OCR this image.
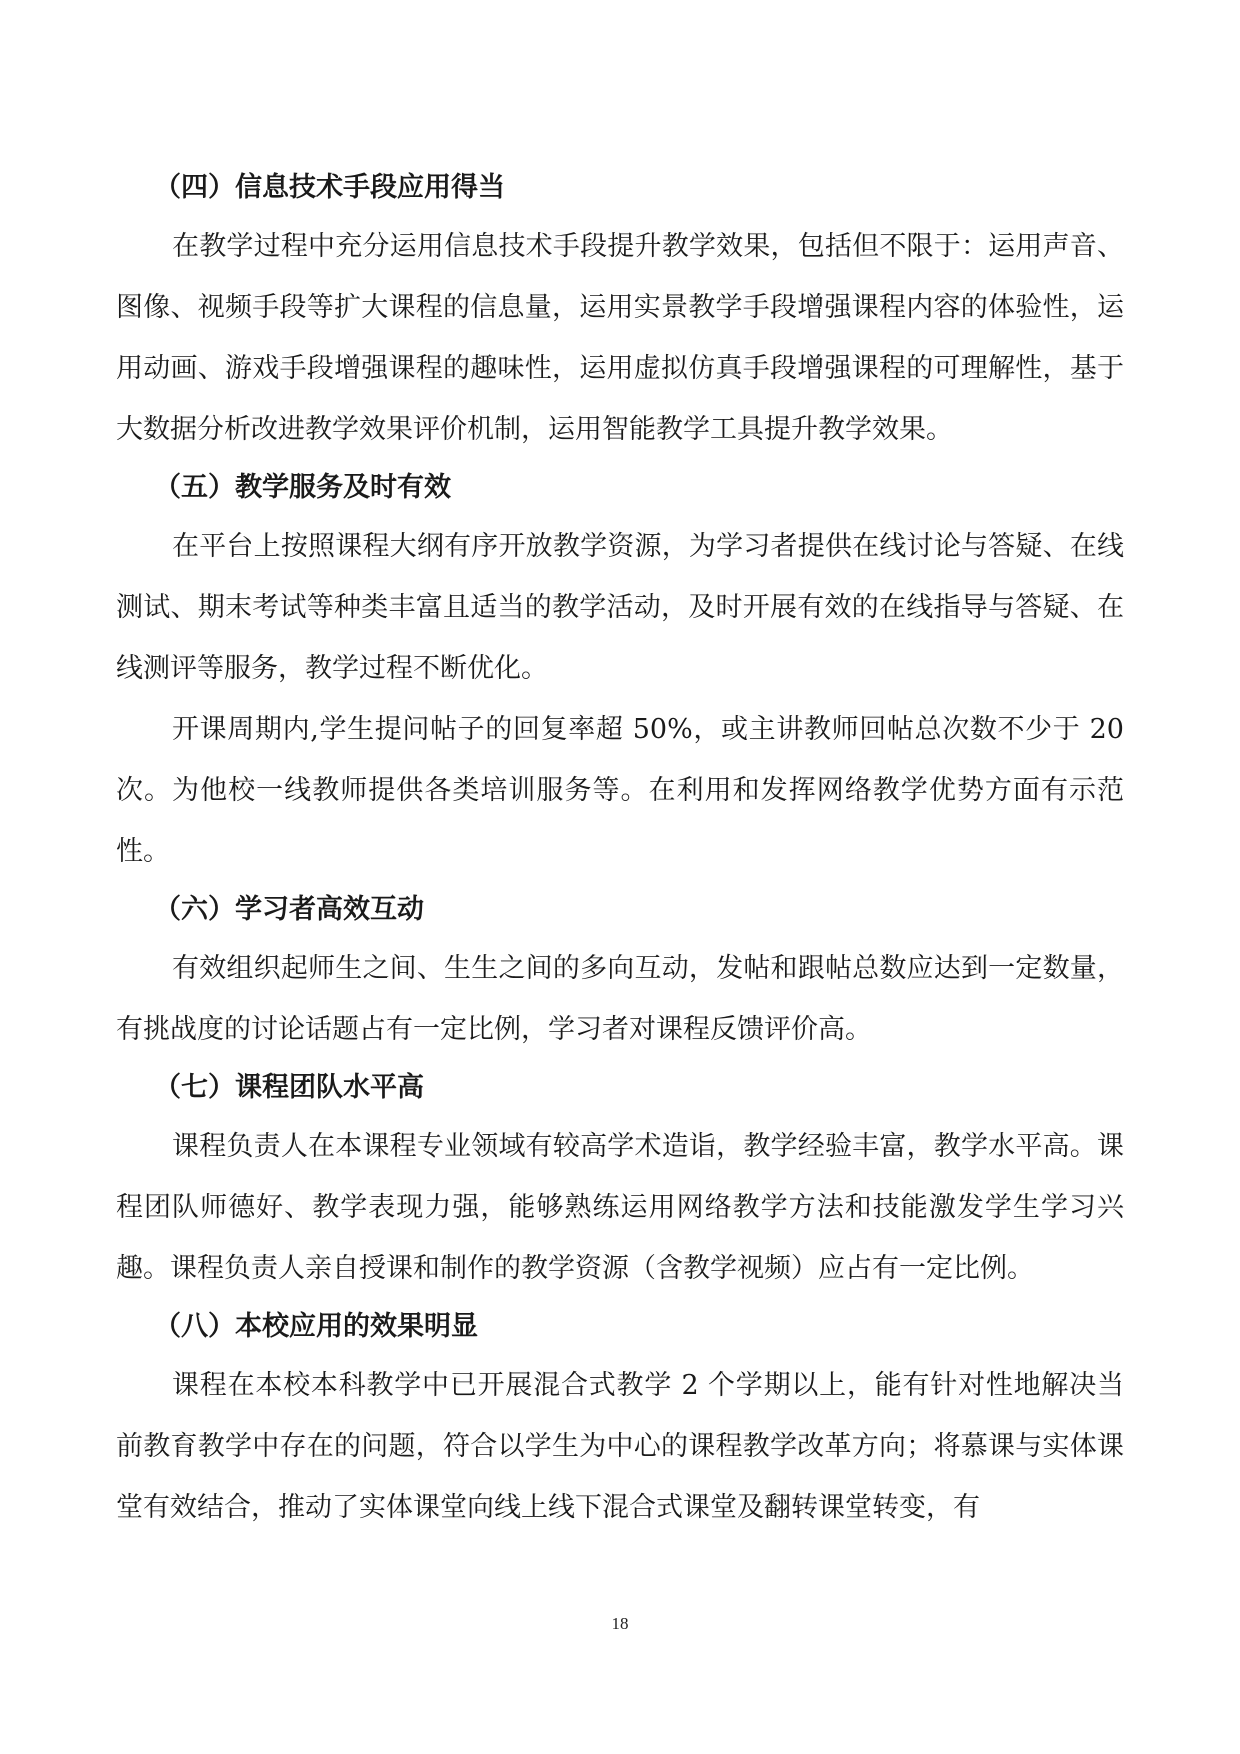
（四）信息技术手段应用得当

在教学过程中充分运用信息技术手段提升教学效果，包括但不限于：运用声音、图像、视频手段等扩大课程的信息量，运用实景教学手段增强课程内容的体验性，运用动画、游戏手段增强课程的趣味性，运用虚拟仿真手段增强课程的可理解性，基于大数据分析改进教学效果评价机制，运用智能教学工具提升教学效果。

（五）教学服务及时有效

在平台上按照课程大纲有序开放教学资源，为学习者提供在线讨论与答疑、在线测试、期末考试等种类丰富且适当的教学活动，及时开展有效的在线指导与答疑、在线测评等服务，教学过程不断优化。

开课周期内,学生提问帖子的回复率超 50%，或主讲教师回帖总次数不少于 20 次。为他校一线教师提供各类培训服务等。在利用和发挥网络教学优势方面有示范性。

（六）学习者高效互动

有效组织起师生之间、生生之间的多向互动，发帖和跟帖总数应达到一定数量，有挑战度的讨论话题占有一定比例，学习者对课程反馈评价高。

（七）课程团队水平高

课程负责人在本课程专业领域有较高学术造诣，教学经验丰富，教学水平高。课程团队师德好、教学表现力强，能够熟练运用网络教学方法和技能激发学生学习兴趣。课程负责人亲自授课和制作的教学资源（含教学视频）应占有一定比例。

（八）本校应用的效果明显

课程在本校本科教学中已开展混合式教学 2 个学期以上，能有针对性地解决当前教育教学中存在的问题，符合以学生为中心的课程教学改革方向；将慕课与实体课堂有效结合，推动了实体课堂向线上线下混合式课堂及翻转课堂转变，有

18
